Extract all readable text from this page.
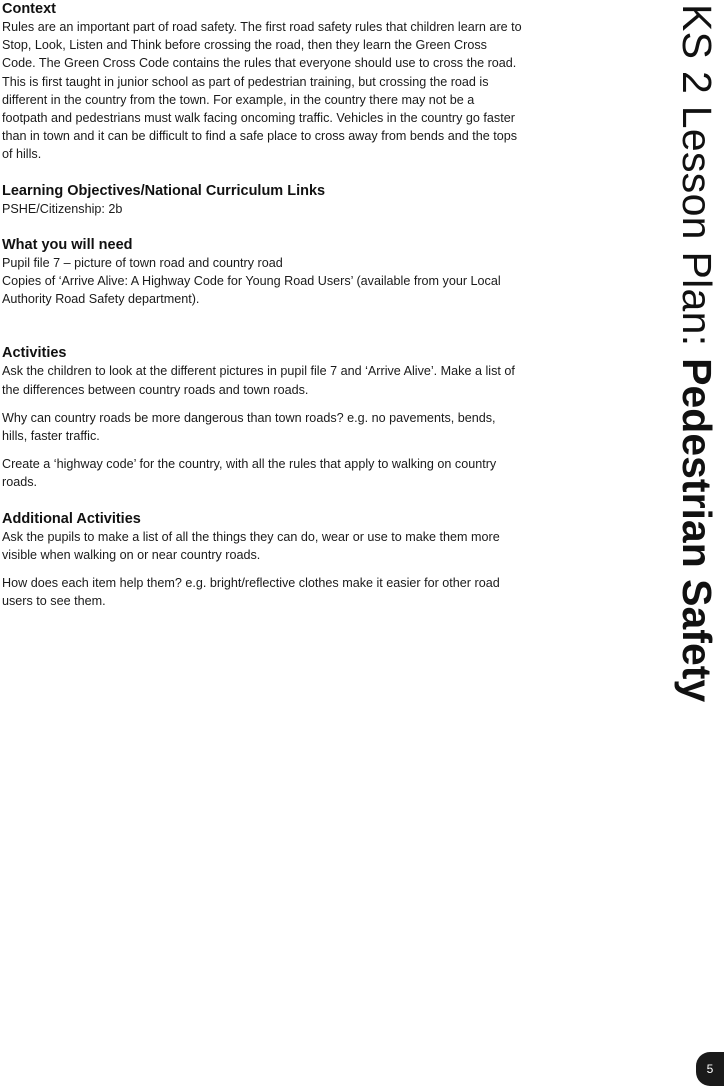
Context

Rules are an important part of road safety. The first road safety rules that children learn are to Stop, Look, Listen and Think before crossing the road, then they learn the Green Cross Code. The Green Cross Code contains the rules that everyone should use to cross the road. This is first taught in junior school as part of pedestrian training, but crossing the road is different in the country from the town. For example, in the country there may not be a footpath and pedestrians must walk facing oncoming traffic. Vehicles in the country go faster than in town and it can be difficult to find a safe place to cross away from bends and the tops of hills.

Learning Objectives/National Curriculum Links

PSHE/Citizenship: 2b

What you will need

Pupil file 7 – picture of town road and country road

Copies of ‘Arrive Alive: A Highway Code for Young Road Users’ (available from your Local Authority Road Safety department).

Activities

Ask the children to look at the different pictures in pupil file 7 and ‘Arrive Alive’. Make a list of the differences between country roads and town roads.

Why can country roads be more dangerous than town roads? e.g. no pavements, bends, hills, faster traffic.

Create a ‘highway code’ for the country, with all the rules that apply to walking on country roads.

Additional Activities

Ask the pupils to make a list of all the things they can do, wear or use to make them more visible when walking on or near country roads.

How does each item help them? e.g. bright/reflective clothes make it easier for other road users to see them.

KS 2 Lesson Plan: Pedestrian Safety
5
